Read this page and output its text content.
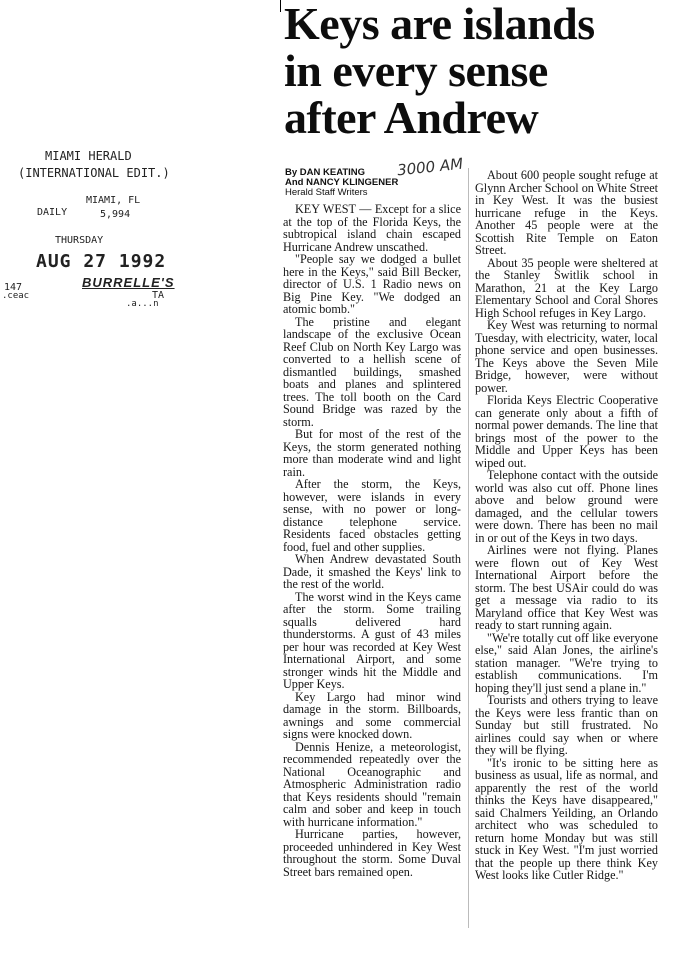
MIAMI HERALD
(INTERNATIONAL EDIT.)
MIAMI, FL
DAILY	5,994
THURSDAY
AUG 27 1992
BURRELLE'S
147
.ceac	TA
.a...n
Keys are islands
in every sense
after Andrew
3000 AM
By DAN KEATING
And NANCY KLINGENER
Herald Staff Writers

KEY WEST — Except for a slice at the top of the Florida Keys, the subtropical island chain escaped Hurricane Andrew unscathed.

"People say we dodged a bullet here in the Keys," said Bill Becker, director of U.S. 1 Radio news on Big Pine Key. "We dodged an atomic bomb."

The pristine and elegant landscape of the exclusive Ocean Reef Club on North Key Largo was converted to a hellish scene of dismantled buildings, smashed boats and planes and splintered trees. The toll booth on the Card Sound Bridge was razed by the storm.

But for most of the rest of the Keys, the storm generated nothing more than moderate wind and light rain.

After the storm, the Keys, however, were islands in every sense, with no power or long-distance telephone service. Residents faced obstacles getting food, fuel and other supplies.

When Andrew devastated South Dade, it smashed the Keys' link to the rest of the world.

The worst wind in the Keys came after the storm. Some trailing squalls delivered hard thunderstorms. A gust of 43 miles per hour was recorded at Key West International Airport, and some stronger winds hit the Middle and Upper Keys.

Key Largo had minor wind damage in the storm. Billboards, awnings and some commercial signs were knocked down.

Dennis Henize, a meteorologist, recommended repeatedly over the National Oceanographic and Atmospheric Administration radio that Keys residents should "remain calm and sober and keep in touch with hurricane information."

Hurricane parties, however, proceeded unhindered in Key West throughout the storm. Some Duval Street bars remained open.

About 600 people sought refuge at Glynn Archer School on White Street in Key West. It was the busiest hurricane refuge in the Keys. Another 45 people were at the Scottish Rite Temple on Eaton Street.

About 35 people were sheltered at the Stanley Switlik school in Marathon, 21 at the Key Largo Elementary School and Coral Shores High School refuges in Key Largo.

Key West was returning to normal Tuesday, with electricity, water, local phone service and open businesses. The Keys above the Seven Mile Bridge, however, were without power.

Florida Keys Electric Cooperative can generate only about a fifth of normal power demands. The line that brings most of the power to the Middle and Upper Keys has been wiped out.

Telephone contact with the outside world was also cut off. Phone lines above and below ground were damaged, and the cellular towers were down. There has been no mail in or out of the Keys in two days.

Airlines were not flying. Planes were flown out of Key West International Airport before the storm. The best USAir could do was get a message via radio to its Maryland office that Key West was ready to start running again.

"We're totally cut off like everyone else," said Alan Jones, the airline's station manager. "We're trying to establish communications. I'm hoping they'll just send a plane in."

Tourists and others trying to leave the Keys were less frantic than on Sunday but still frustrated. No airlines could say when or where they will be flying.

"It's ironic to be sitting here as business as usual, life as normal, and apparently the rest of the world thinks the Keys have disappeared," said Chalmers Yeilding, an Orlando architect who was scheduled to return home Monday but was still stuck in Key West. "I'm just worried that the people up there think Key West looks like Cutler Ridge."
